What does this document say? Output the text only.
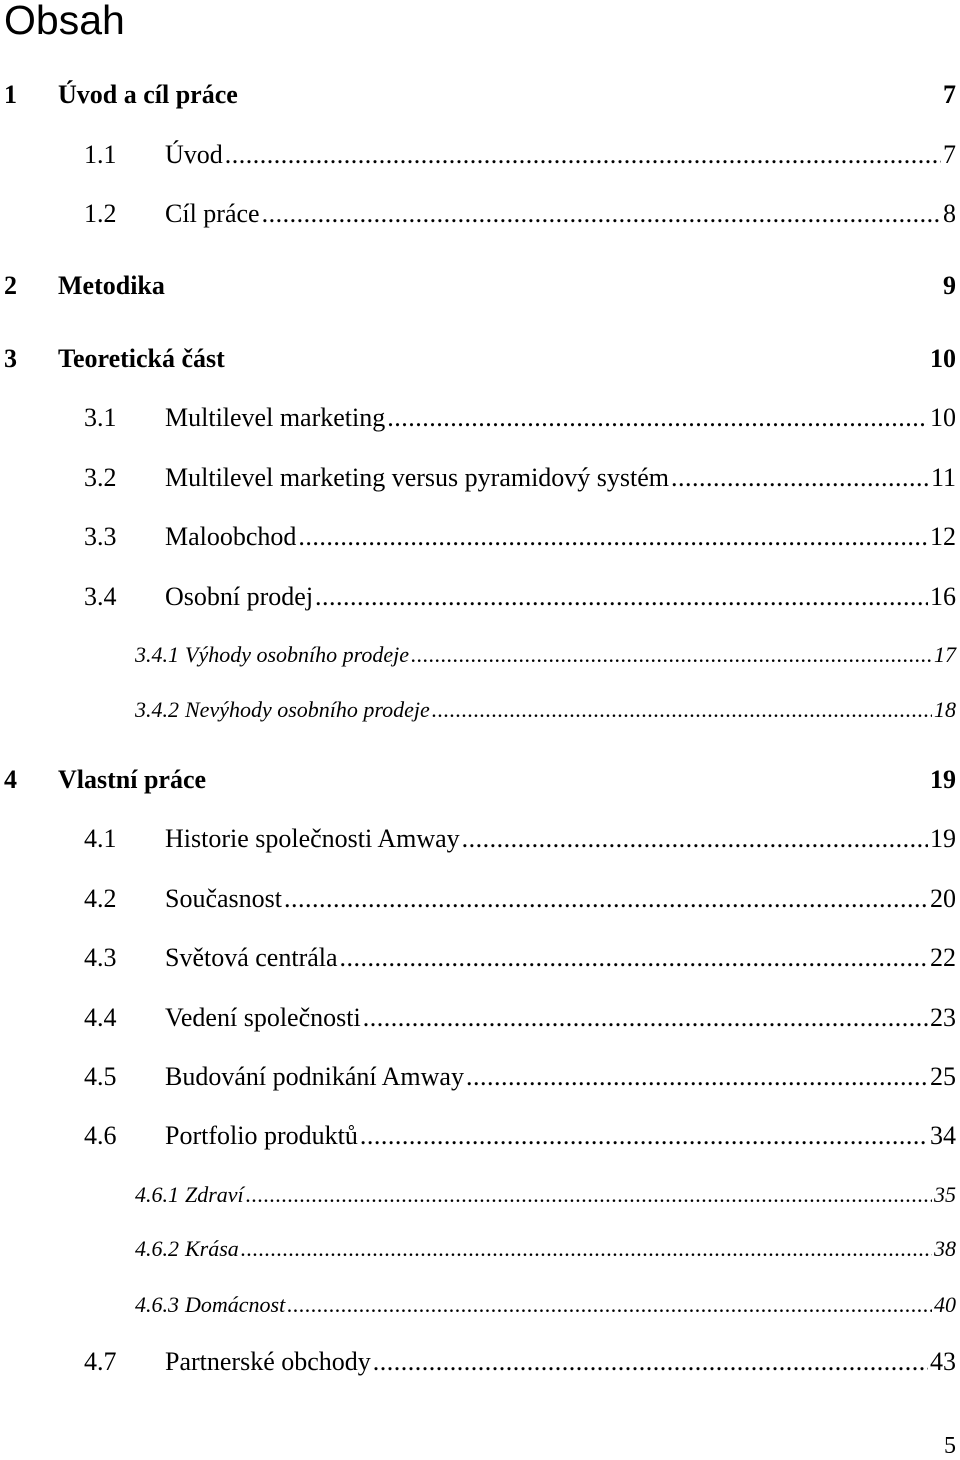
Obsah
1 Úvod a cíl práce	7
1.1 Úvod .....	7
1.2 Cíl práce .....	8
2 Metodika	9
3 Teoretická část	10
3.1 Multilevel marketing .....	10
3.2 Multilevel marketing versus pyramidový systém .....	11
3.3 Maloobchod .....	12
3.4 Osobní prodej .....	16
3.4.1 Výhody osobního prodeje .....	17
3.4.2 Nevýhody osobního prodeje .....	18
4 Vlastní práce	19
4.1 Historie společnosti Amway .....	19
4.2 Současnost .....	20
4.3 Světová centrála .....	22
4.4 Vedení společnosti .....	23
4.5 Budování podnikání Amway .....	25
4.6 Portfolio produktů .....	34
4.6.1 Zdraví .....	35
4.6.2 Krása .....	38
4.6.3 Domácnost .....	40
4.7 Partnerské obchody .....	43
5
